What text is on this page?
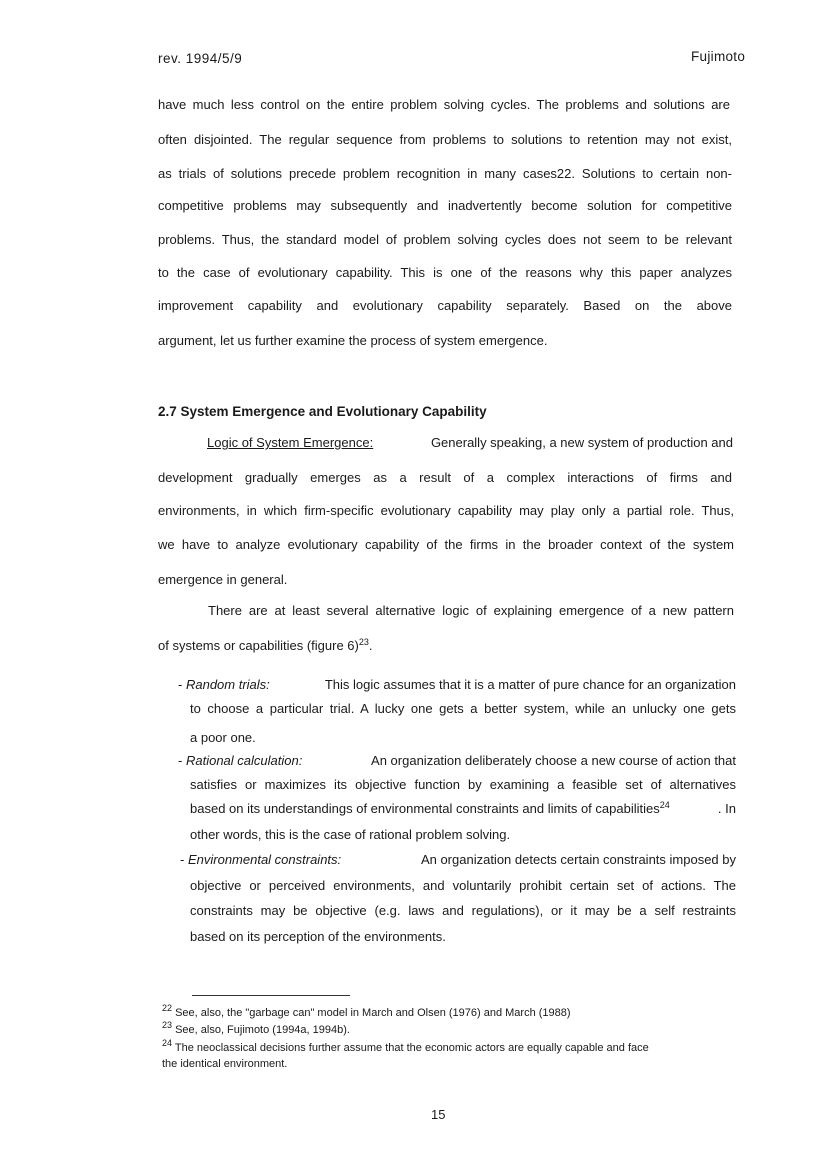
rev. 1994/5/9	Fujimoto
have much less control on the entire problem solving cycles. The problems and solutions are
often disjointed. The regular sequence from problems to solutions to retention may not exist,
as trials of solutions precede problem recognition in many cases22. Solutions to certain non-
competitive problems may subsequently and inadvertently become solution for competitive
problems. Thus, the standard model of problem solving cycles does not seem to be relevant
to the case of evolutionary capability. This is one of the reasons why this paper analyzes
improvement capability and evolutionary capability separately. Based on the above
argument, let us further examine the process of system emergence.
2.7 System Emergence and Evolutionary Capability
Logic of System Emergence:	Generally speaking, a new system of production and
development gradually emerges as a result of a complex interactions of firms and
environments, in which firm-specific evolutionary capability may play only a partial role. Thus,
we have to analyze evolutionary capability of the firms in the broader context of the system
emergence in general.
There are at least several alternative logic of explaining emergence of a new pattern
of systems or capabilities (figure 6)$^{23}$.
- Random trials:	This logic assumes that it is a matter of pure chance for an organization
to choose a particular trial. A lucky one gets a better system, while an unlucky one gets
a poor one.
- Rational calculation:	An organization deliberately choose a new course of action that
satisfies or maximizes its objective function by examining a feasible set of alternatives
based on its understandings of environmental constraints and limits of capabilities$^{24}$	. In
other words, this is the case of rational problem solving.
- Environmental constraints:	An organization detects certain constraints imposed by
objective or perceived environments, and voluntarily prohibit certain set of actions. The
constraints may be objective (e.g. laws and regulations), or it may be a self restraints
based on its perception of the environments.
$^{22}$ See, also, the "garbage can" model in March and Olsen (1976) and March (1988)
$^{23}$ See, also, Fujimoto (1994a, 1994b).
$^{24}$ The neoclassical decisions further assume that the economic actors are equally capable and face
the identical environment.
15
